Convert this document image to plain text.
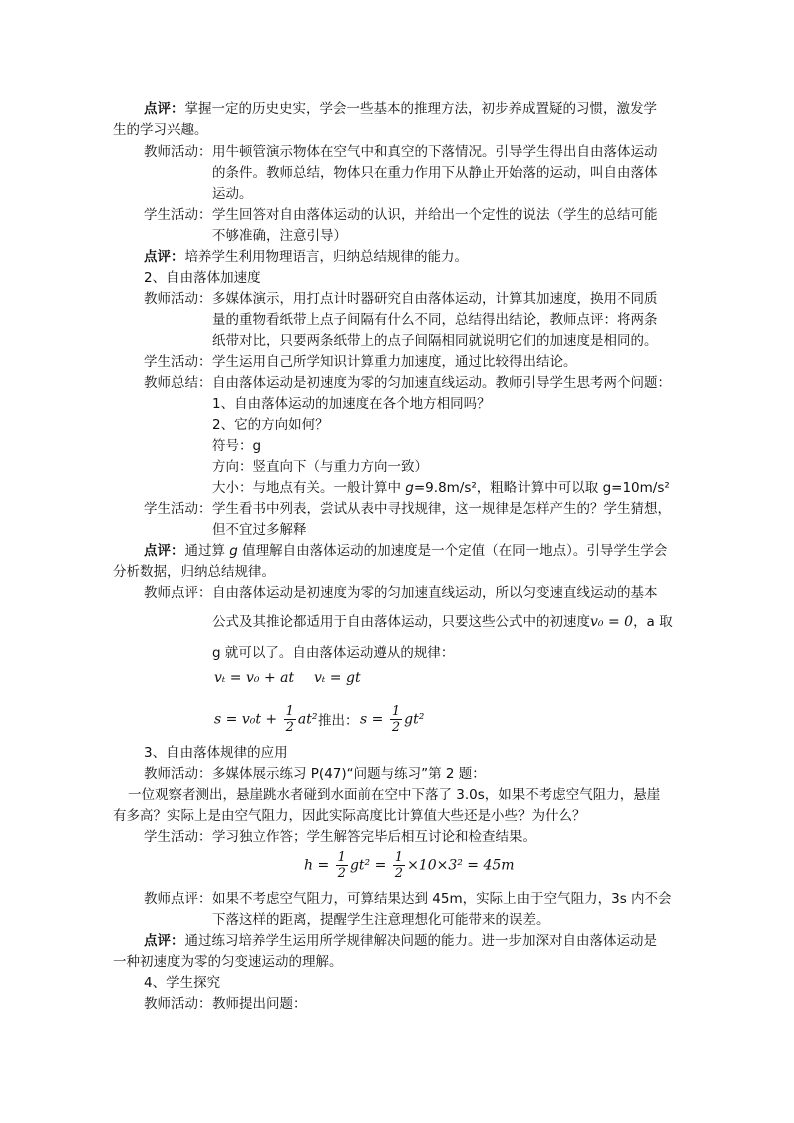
点评：掌握一定的历史史实，学会一些基本的推理方法，初步养成置疑的习惯，激发学
生的学习兴趣。
教师活动： 用牛顿管演示物体在空气中和真空的下落情况。引导学生得出自由落体运动
的条件。教师总结，物体只在重力作用下从静止开始落的运动，叫自由落体
运动。
学生活动： 学生回答对自由落体运动的认识，并给出一个定性的说法（学生的总结可能
不够准确，注意引导）
点评：培养学生利用物理语言，归纳总结规律的能力。
2、自由落体加速度
教师活动： 多媒体演示，用打点计时器研究自由落体运动，计算其加速度，换用不同质
量的重物看纸带上点子间隔有什么不同，总结得出结论，教师点评：将两条
纸带对比，只要两条纸带上的点子间隔相同就说明它们的加速度是相同的。
学生活动： 学生运用自己所学知识计算重力加速度，通过比较得出结论。
教师总结： 自由落体运动是初速度为零的匀加速直线运动。教师引导学生思考两个问题：
1、自由落体运动的加速度在各个地方相同吗？
2、它的方向如何？
符号：g
方向：竖直向下（与重力方向一致）
大小：与地点有关。一般计算中 g=9.8m/s²，粗略计算中可以取 g=10m/s²
学生活动： 学生看书中列表，尝试从表中寻找规律，这一规律是怎样产生的？学生猜想，
但不宜过多解释
点评：通过算 g 值理解自由落体运动的加速度是一个定值（在同一地点）。引导学生学会
分析数据，归纳总结规律。
教师点评： 自由落体运动是初速度为零的匀加速直线运动，所以匀变速直线运动的基本
公式及其推论都适用于自由落体运动，只要这些公式中的初速度v₀ = 0，a 取
g 就可以了。自由落体运动遵从的规律：
vₜ = v₀ + at vₜ = gt
$s = v_0t + \frac{1}{2} at^2$ 推出： $s = \frac{1}{2} gt^2$
3、自由落体规律的应用
教师活动： 多媒体展示练习 P(47)“问题与练习”第 2 题：
一位观察者测出，悬崖跳水者碰到水面前在空中下落了 3.0s，如果不考虑空气阻力，悬崖
有多高？实际上是由空气阻力，因此实际高度比计算值大些还是小些？为什么？
学生活动： 学习独立作答；学生解答完毕后相互讨论和检查结果。
$h = \frac{1}{2} gt^2 = \frac{1}{2} \times 10\times 3^2 = 45m$
教师点评： 如果不考虑空气阻力，可算结果达到 45m，实际上由于空气阻力，3s 内不会
下落这样的距离，提醒学生注意理想化可能带来的误差。
点评：通过练习培养学生运用所学规律解决问题的能力。进一步加深对自由落体运动是
一种初速度为零的匀变速运动的理解。
4、学生探究
教师活动： 教师提出问题：
